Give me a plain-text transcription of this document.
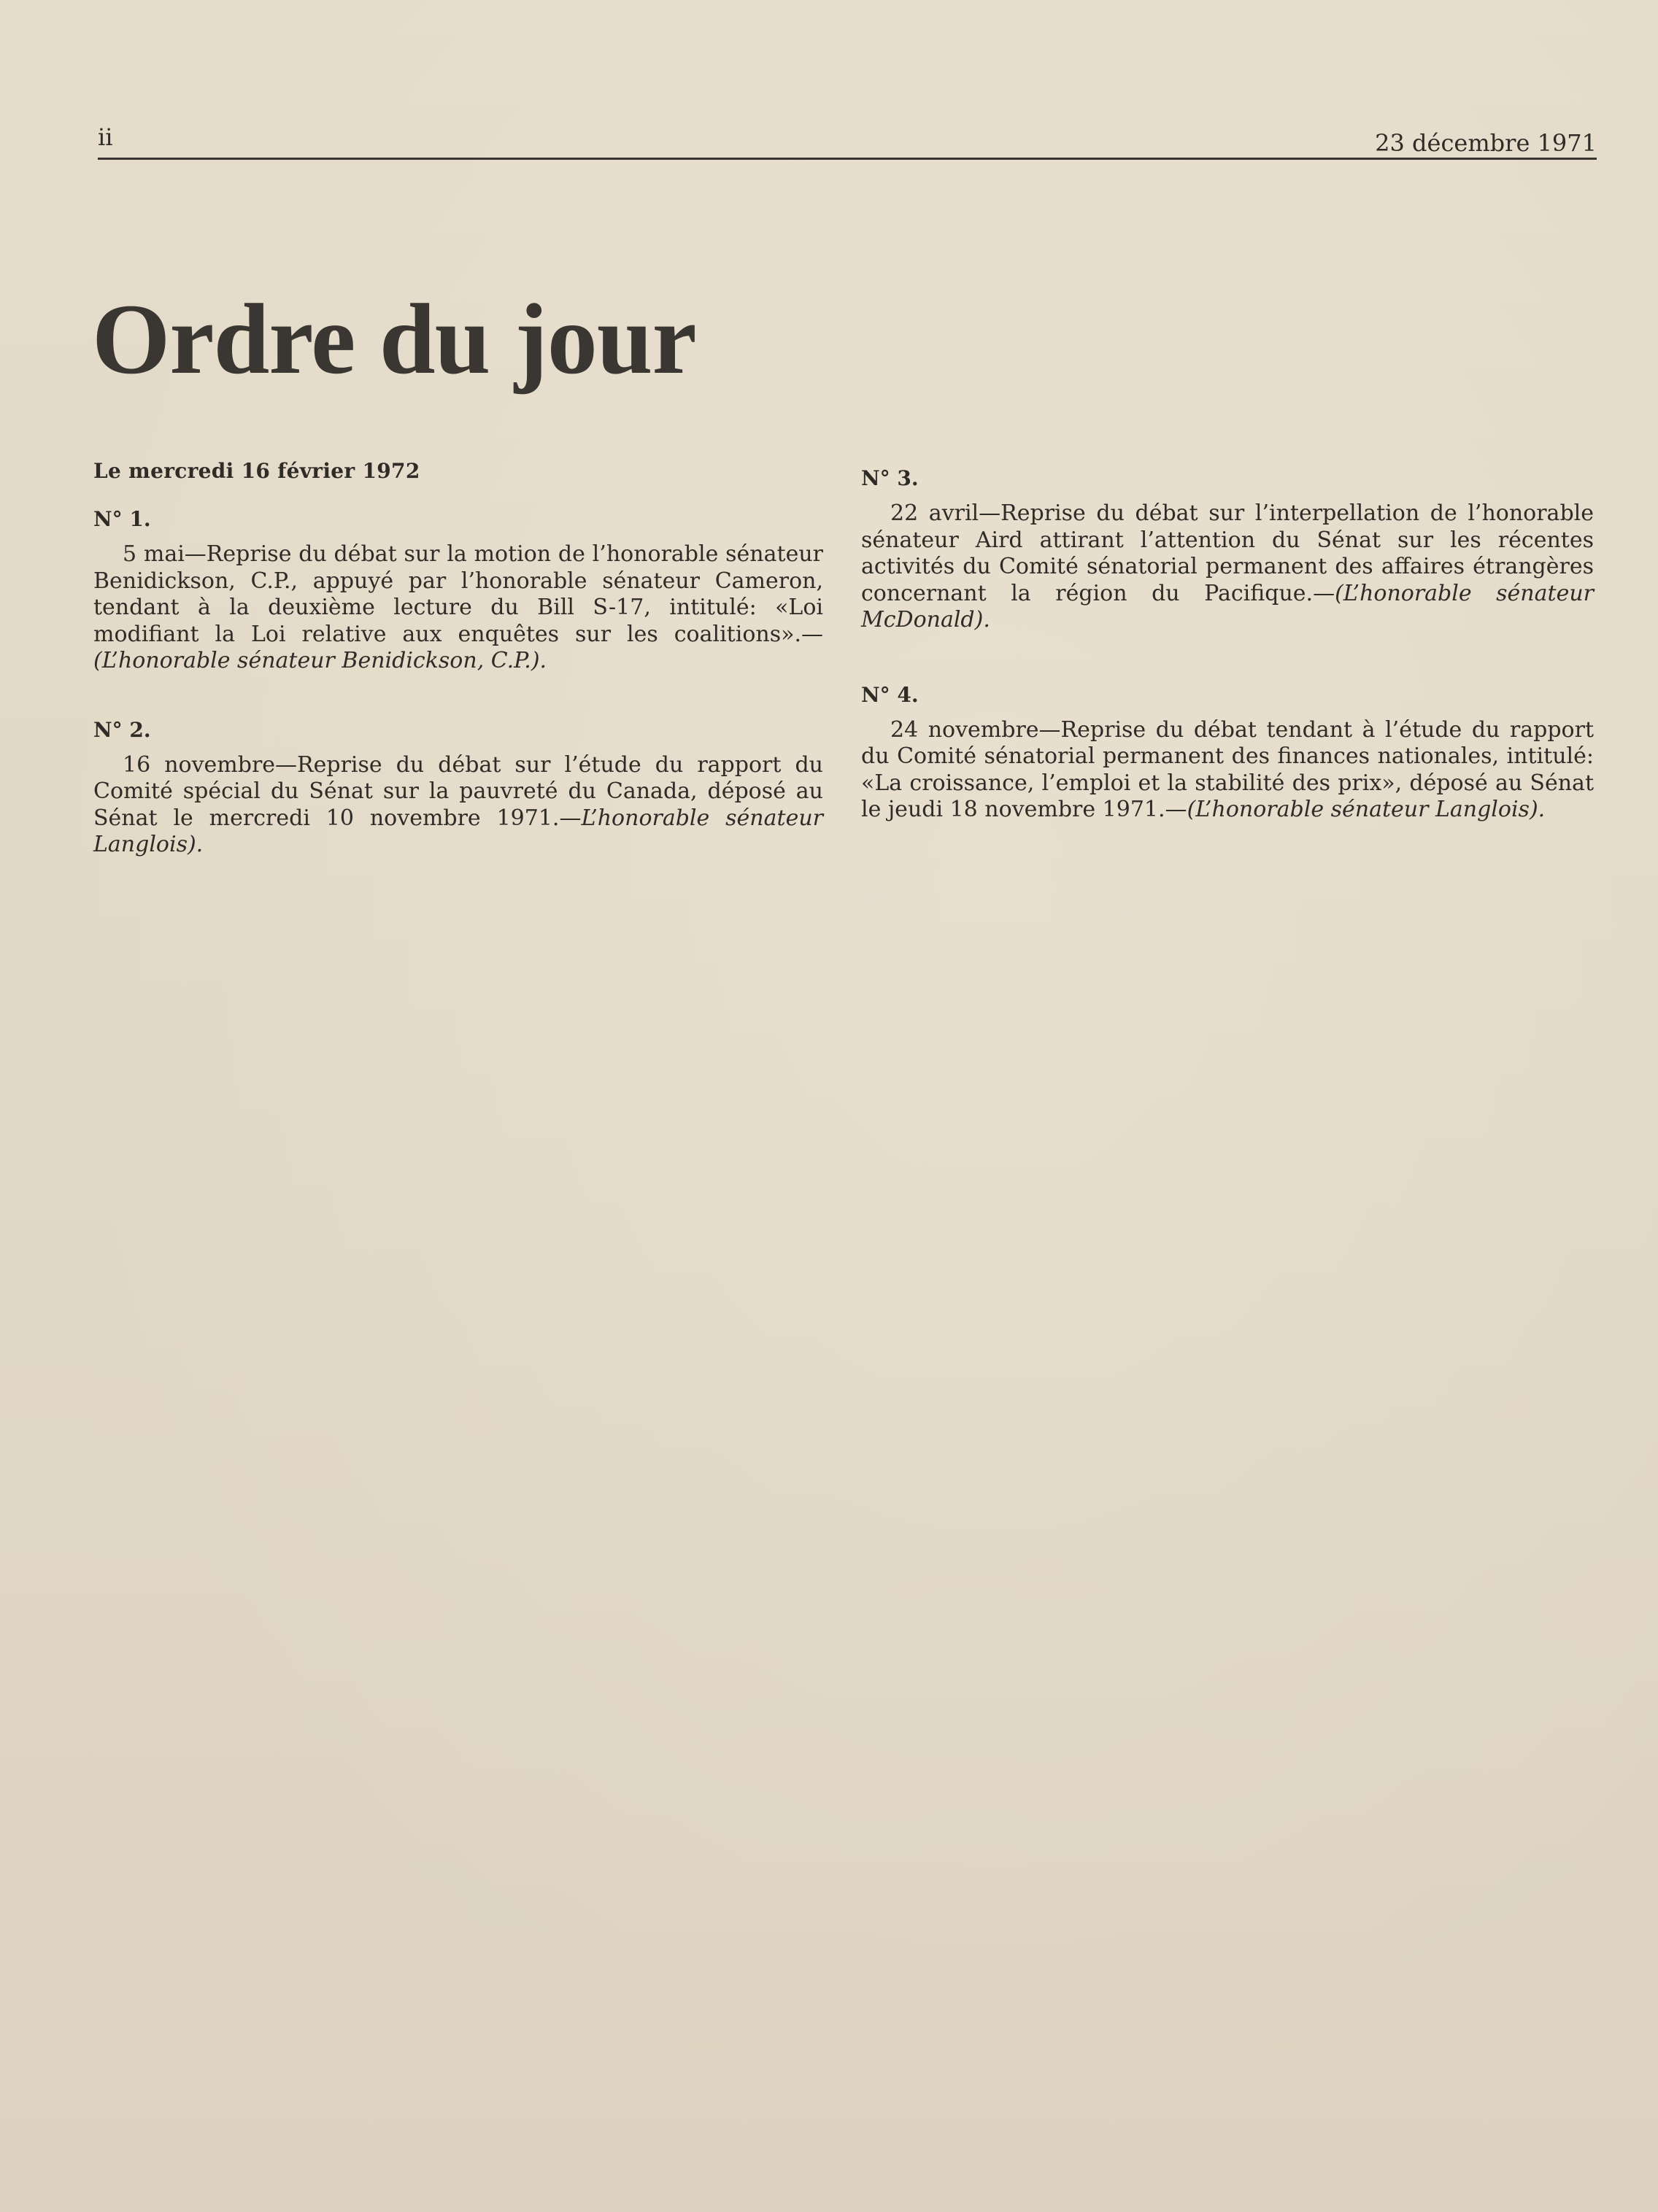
ii	23 décembre 1971
Ordre du jour

Le mercredi 16 février 1972

N° 1.

5 mai—Reprise du débat sur la motion de l’honorable sénateur Benidickson, C.P., appuyé par l’honorable sénateur Cameron, tendant à la deuxième lecture du Bill S-17, intitulé: «Loi modifiant la Loi relative aux enquêtes sur les coalitions».—(L’honorable sénateur Benidickson, C.P.).

N° 2.

16 novembre—Reprise du débat sur l’étude du rapport du Comité spécial du Sénat sur la pauvreté du Canada, déposé au Sénat le mercredi 10 novembre 1971.—L’honorable sénateur Langlois).

N° 3.

22 avril—Reprise du débat sur l’interpellation de l’honorable sénateur Aird attirant l’attention du Sénat sur les récentes activités du Comité sénatorial permanent des affaires étrangères concernant la région du Pacifique.—(L’honorable sénateur McDonald).

N° 4.

24 novembre—Reprise du débat tendant à l’étude du rapport du Comité sénatorial permanent des finances nationales, intitulé: «La croissance, l’emploi et la stabilité des prix», déposé au Sénat le jeudi 18 novembre 1971.—(L’honorable sénateur Langlois).
